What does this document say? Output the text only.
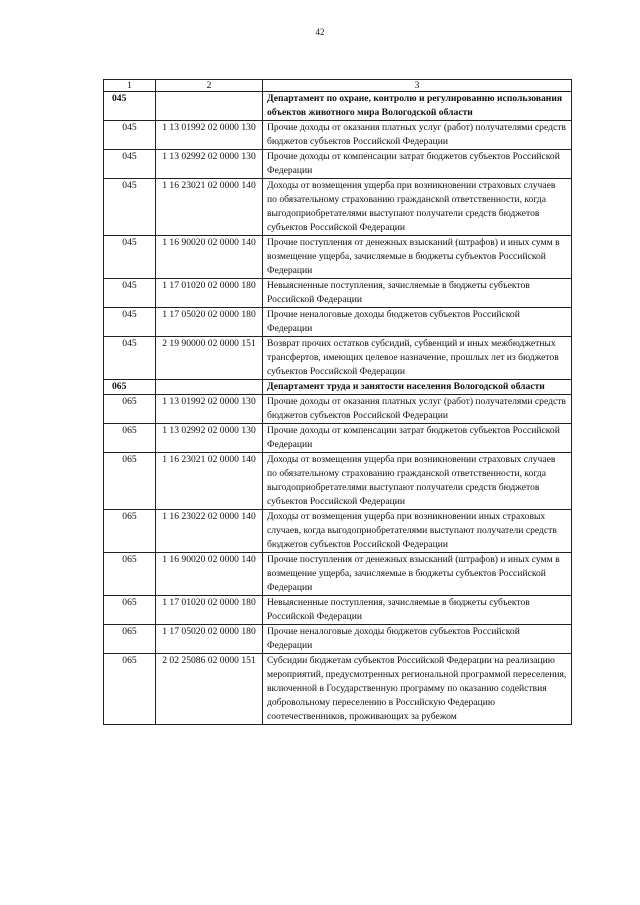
42
1	2	3
045		Департамент по охране, контролю и регулированию использования объектов животного мира Вологодской области
045	1 13 01992 02 0000 130	Прочие доходы от оказания платных услуг (работ) получателями средств бюджетов субъектов Российской Федерации
045	1 13 02992 02 0000 130	Прочие доходы от компенсации затрат бюджетов субъектов Российской Федерации
045	1 16 23021 02 0000 140	Доходы от возмещения ущерба при возникновении страховых случаев по обязательному страхованию гражданской ответственности, когда выгодоприобретателями выступают получатели средств бюджетов субъектов Российской Федерации
045	1 16 90020 02 0000 140	Прочие поступления от денежных взысканий (штрафов) и иных сумм в возмещение ущерба, зачисляемые в бюджеты субъектов Российской Федерации
045	1 17 01020 02 0000 180	Невыясненные поступления, зачисляемые в бюджеты субъектов Российской Федерации
045	1 17 05020 02 0000 180	Прочие неналоговые доходы бюджетов субъектов Российской Федерации
045	2 19 90000 02 0000 151	Возврат прочих остатков субсидий, субвенций и иных межбюджетных трансфертов, имеющих целевое назначение, прошлых лет из бюджетов субъектов Российской Федерации
065		Департамент труда и занятости населения Вологодской области
065	1 13 01992 02 0000 130	Прочие доходы от оказания платных услуг (работ) получателями средств бюджетов субъектов Российской Федерации
065	1 13 02992 02 0000 130	Прочие доходы от компенсации затрат бюджетов субъектов Российской Федерации
065	1 16 23021 02 0000 140	Доходы от возмещения ущерба при возникновении страховых случаев по обязательному страхованию гражданской ответственности, когда выгодоприобретателями выступают получатели средств бюджетов субъектов Российской Федерации
065	1 16 23022 02 0000 140	Доходы от возмещения ущерба при возникновении иных страховых случаев, когда выгодоприобретателями выступают получатели средств бюджетов субъектов Российской Федерации
065	1 16 90020 02 0000 140	Прочие поступления от денежных взысканий (штрафов) и иных сумм в возмещение ущерба, зачисляемые в бюджеты субъектов Российской Федерации
065	1 17 01020 02 0000 180	Невыясненные поступления, зачисляемые в бюджеты субъектов Российской Федерации
065	1 17 05020 02 0000 180	Прочие неналоговые доходы бюджетов субъектов Российской Федерации
065	2 02 25086 02 0000 151	Субсидии бюджетам субъектов Российской Федерации на реализацию мероприятий, предусмотренных региональной программой переселения, включенной в Государственную программу по оказанию содействия добровольному переселению в Российскую Федерацию соотечественников, проживающих за рубежом
